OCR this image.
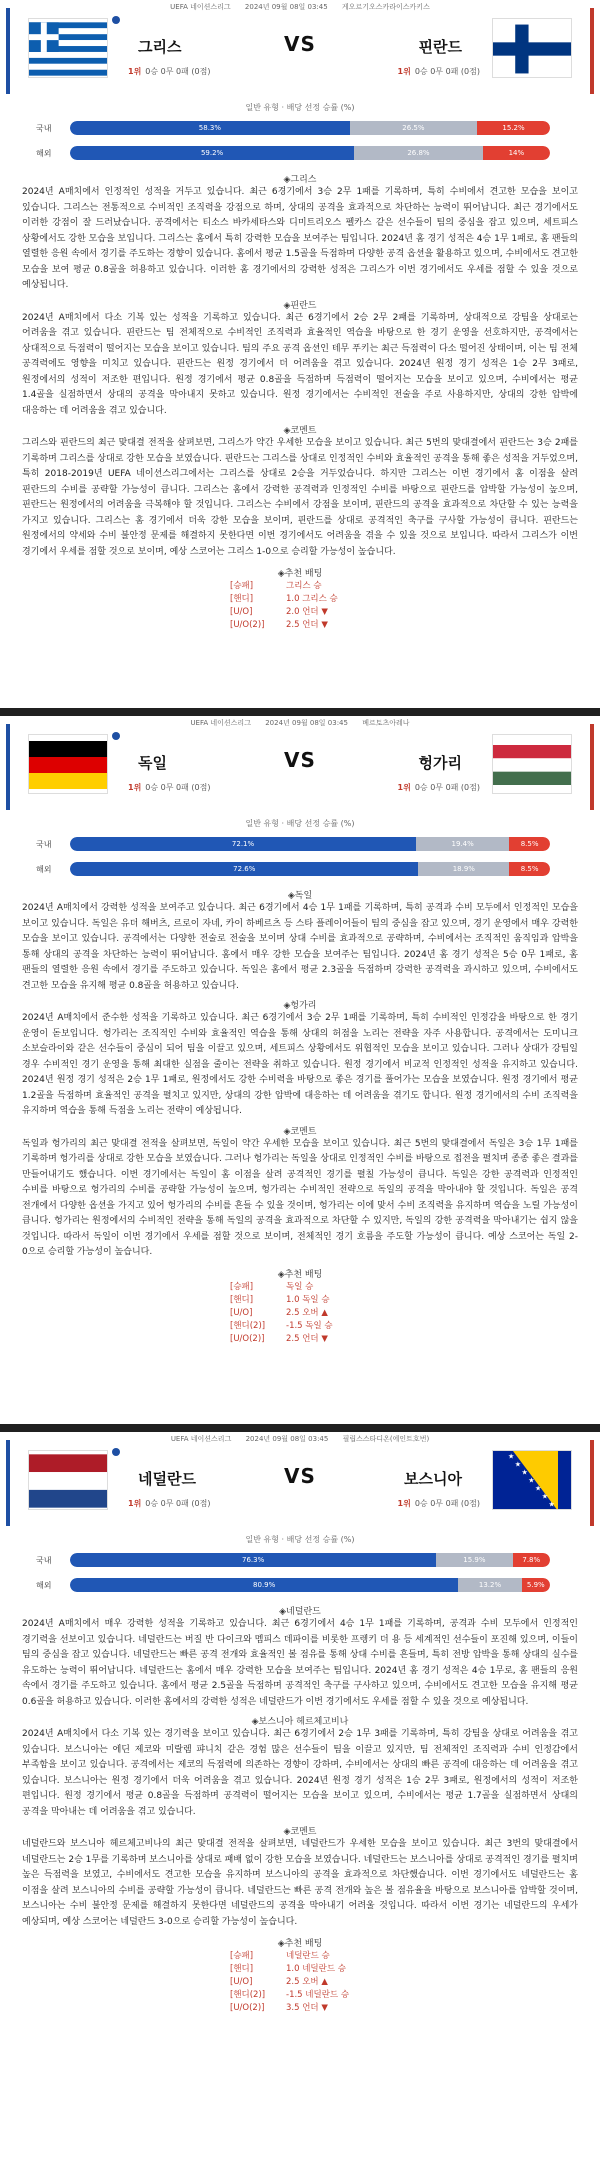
UEFA 네이션스리그 2024년 09월 08일 03:45 게오르기오스카라이스카키스
그리스	VS	핀란드
1위 0승 0무 0패 (0점)	1위 0승 0무 0패 (0점)
일반 유형 · 배당 선정 승률 (%)
국내	58.3%	26.5%	15.2%
해외	59.2%	26.8%	14%
◈그리스
2024년 A매치에서 인정적인 성적을 거두고 있습니다. 최근 6경기에서 3승 2무 1패를 기록하며, 특히 수비에서 견고한 모습을 보이고 있습니다. 그리스는 전통적으로 수비적인 조직력을 강점으로 하며, 상대의 공격을 효과적으로 차단하는 능력이 뛰어납니다. 최근 경기에서도 이러한 강점이 잘 드러났습니다. 공격에서는 티소스 바카세타스와 디미트리오스 펠카스 같은 선수들이 팀의 중심을 잡고 있으며, 세트피스 상황에서도 강한 모습을 보입니다. 그리스는 홈에서 특히 강력한 모습을 보여주는 팀입니다. 2024년 홈 경기 성적은 4승 1무 1패로, 홈 팬들의 열렬한 응원 속에서 경기를 주도하는 경향이 있습니다. 홈에서 평균 1.5골을 득점하며 다양한 공격 옵션을 활용하고 있으며, 수비에서도 견고한 모습을 보여 평균 0.8골을 허용하고 있습니다. 이러한 홈 경기에서의 강력한 성적은 그리스가 이번 경기에서도 우세를 점할 수 있을 것으로 예상됩니다.
◈핀란드
2024년 A매치에서 다소 기복 있는 성적을 기록하고 있습니다. 최근 6경기에서 2승 2무 2패를 기록하며, 상대적으로 강팀을 상대로는 어려움을 겪고 있습니다. 핀란드는 팀 전체적으로 수비적인 조직력과 효율적인 역습을 바탕으로 한 경기 운영을 선호하지만, 공격에서는 상대적으로 득점력이 떨어지는 모습을 보이고 있습니다. 팀의 주요 공격 옵션인 테무 푸키는 최근 득점력이 다소 떨어진 상태이며, 이는 팀 전체 공격력에도 영향을 미치고 있습니다. 핀란드는 원정 경기에서 더 어려움을 겪고 있습니다. 2024년 원정 경기 성적은 1승 2무 3패로, 원정에서의 성적이 저조한 편입니다. 원정 경기에서 평균 0.8골을 득점하며 득점력이 떨어지는 모습을 보이고 있으며, 수비에서는 평균 1.4골을 실점하면서 상대의 공격을 막아내지 못하고 있습니다. 원정 경기에서는 수비적인 전술을 주로 사용하지만, 상대의 강한 압박에 대응하는 데 어려움을 겪고 있습니다.
◈코멘트
그리스와 핀란드의 최근 맞대결 전적을 살펴보면, 그리스가 약간 우세한 모습을 보이고 있습니다. 최근 5번의 맞대결에서 핀란드는 3승 2패를 기록하며 그리스를 상대로 강한 모습을 보였습니다. 핀란드는 그리스를 상대로 인정적인 수비와 효율적인 공격을 통해 좋은 성적을 거두었으며, 특히 2018-2019년 UEFA 네이션스리그에서는 그리스를 상대로 2승을 거두었습니다. 하지만 그리스는 이번 경기에서 홈 이점을 살려 핀란드의 수비를 공략할 가능성이 큽니다. 그리스는 홈에서 강력한 공격력과 인정적인 수비를 바탕으로 핀란드를 압박할 가능성이 높으며, 핀란드는 원정에서의 어려움을 극복해야 할 것입니다. 그리스는 수비에서 강점을 보이며, 핀란드의 공격을 효과적으로 차단할 수 있는 능력을 가지고 있습니다. 그리스는 홈 경기에서 더욱 강한 모습을 보이며, 핀란드를 상대로 공격적인 축구를 구사할 가능성이 큽니다. 핀란드는 원정에서의 약세와 수비 불안정 문제를 해결하지 못한다면 이번 경기에서도 어려움을 겪을 수 있을 것으로 보입니다. 따라서 그리스가 이번 경기에서 우세를 점할 것으로 보이며, 예상 스코어는 그리스 1-0으로 승리할 가능성이 높습니다.
◈추천 배팅
[승패]	그리스 승
[핸디]	1.0 그리스 승
[U/O]	2.0 언더 ▼
[U/O(2)]	2.5 언더 ▼
UEFA 네이션스리그 2024년 09월 08일 03:45 베르토츠아레나
독일	VS	헝가리
1위 0승 0무 0패 (0점)	1위 0승 0무 0패 (0점)
일반 유형 · 배당 선정 승률 (%)
국내	72.1%	19.4%	8.5%
해외	72.6%	18.9%	8.5%
◈독일
2024년 A매치에서 강력한 성적을 보여주고 있습니다. 최근 6경기에서 4승 1무 1패를 기록하며, 특히 공격과 수비 모두에서 인정적인 모습을 보이고 있습니다. 독일은 유더 해버츠, 르로이 자네, 카이 하베르츠 등 스타 플레이어들이 팀의 중심을 잡고 있으며, 경기 운영에서 매우 강력한 모습을 보이고 있습니다. 공격에서는 다양한 전술로 전술을 보이며 상대 수비를 효과적으로 공략하며, 수비에서는 조직적인 움직임과 압박을 통해 상대의 공격을 차단하는 능력이 뛰어납니다. 홈에서 매우 강한 모습을 보여주는 팀입니다. 2024년 홈 경기 성적은 5승 0무 1패로, 홈 팬들의 열렬한 응원 속에서 경기를 주도하고 있습니다. 독일은 홈에서 평균 2.3골을 득점하며 강력한 공격력을 과시하고 있으며, 수비에서도 견고한 모습을 유지해 평균 0.8골을 허용하고 있습니다.
◈헝가리
2024년 A매치에서 준수한 성적을 기록하고 있습니다. 최근 6경기에서 3승 2무 1패를 기록하며, 특히 수비적인 인정감을 바탕으로 한 경기 운영이 돋보입니다. 헝가리는 조직적인 수비와 효율적인 역습을 통해 상대의 허점을 노리는 전략을 자주 사용합니다. 공격에서는 도미니크 소보슬라이와 같은 선수들이 중심이 되어 팀을 이끌고 있으며, 세트피스 상황에서도 위협적인 모습을 보이고 있습니다. 그러나 상대가 강팀일 경우 수비적인 경기 운영을 통해 최대한 실점을 줄이는 전략을 취하고 있습니다. 원정 경기에서 비교적 인정적인 성적을 유지하고 있습니다. 2024년 원정 경기 성적은 2승 1무 1패로, 원정에서도 강한 수비력을 바탕으로 좋은 경기를 풀어가는 모습을 보였습니다. 원정 경기에서 평균 1.2골을 득점하며 효율적인 공격을 펼치고 있지만, 상대의 강한 압박에 대응하는 데 어려움을 겪기도 합니다. 원정 경기에서의 수비 조직력을 유지하며 역습을 통해 득점을 노리는 전략이 예상됩니다.
◈코멘트
독일과 헝가리의 최근 맞대결 전적을 살펴보면, 독일이 약간 우세한 모습을 보이고 있습니다. 최근 5번의 맞대결에서 독일은 3승 1무 1패를 기록하며 헝가리를 상대로 강한 모습을 보였습니다. 그러나 헝가리는 독일을 상대로 인정적인 수비를 바탕으로 접전을 펼치며 종종 좋은 결과를 만들어내기도 했습니다. 이번 경기에서는 독일이 홈 이점을 살려 공격적인 경기를 펼칠 가능성이 큽니다. 독일은 강한 공격력과 인정적인 수비를 바탕으로 헝가리의 수비를 공략할 가능성이 높으며, 헝가리는 수비적인 전략으로 독일의 공격을 막아내야 할 것입니다. 독일은 공격 전개에서 다양한 옵션을 가지고 있어 헝가리의 수비를 흔들 수 있을 것이며, 헝가리는 이에 맞서 수비 조직력을 유지하며 역습을 노릴 가능성이 큽니다. 헝가리는 원정에서의 수비적인 전략을 통해 독일의 공격을 효과적으로 차단할 수 있지만, 독일의 강한 공격력을 막아내기는 쉽지 않을 것입니다. 따라서 독일이 이번 경기에서 우세를 점할 것으로 보이며, 전체적인 경기 흐름을 주도할 가능성이 큽니다. 예상 스코어는 독일 2-0으로 승리할 가능성이 높습니다.
◈추천 배팅
[승패]	독일 승
[핸디]	1.0 독일 승
[U/O]	2.5 오버 ▲
[핸디(2)] -1.5 독일 승
[U/O(2)]	2.5 언더 ▼
UEFA 네이션스리그 2024년 09월 08일 03:45 필립스스타디온(에인트호번)
네덜란드	VS	보스니아
★
★
★
★
★
★
★
1위 0승 0무 0패 (0점)	1위 0승 0무 0패 (0점)
일반 유형 · 배당 선정 승률 (%)
국내	76.3%	15.9%	7.8%
해외	80.9%	13.2%	5.9%
◈네덜란드
2024년 A매치에서 매우 강력한 성적을 기록하고 있습니다. 최근 6경기에서 4승 1무 1패를 기록하며, 공격과 수비 모두에서 인정적인 경기력을 선보이고 있습니다. 네덜란드는 버질 반 다이크와 멤피스 데파이를 비롯한 프렝키 더 용 등 세계적인 선수들이 포진해 있으며, 이들이 팀의 중심을 잡고 있습니다. 네덜란드는 빠른 공격 전개와 효율적인 볼 점유를 통해 상대 수비를 흔들며, 특히 전방 압박을 통해 상대의 실수를 유도하는 능력이 뛰어납니다. 네덜란드는 홈에서 매우 강력한 모습을 보여주는 팀입니다. 2024년 홈 경기 성적은 4승 1무로, 홈 팬들의 응원 속에서 경기를 주도하고 있습니다. 홈에서 평균 2.5골을 득점하며 공격적인 축구를 구사하고 있으며, 수비에서도 견고한 모습을 유지해 평균 0.6골을 허용하고 있습니다. 이러한 홈에서의 강력한 성적은 네덜란드가 이번 경기에서도 우세를 점할 수 있을 것으로 예상됩니다.
◈보스니아 헤르체고비나
2024년 A매치에서 다소 기복 있는 경기력을 보이고 있습니다. 최근 6경기에서 2승 1무 3패를 기록하며, 특히 강팀을 상대로 어려움을 겪고 있습니다. 보스니아는 에딘 제코와 미랄렘 퍄니치 같은 경험 많은 선수들이 팀을 이끌고 있지만, 팀 전체적인 조직력과 수비 인정감에서 부족함을 보이고 있습니다. 공격에서는 제코의 득점력에 의존하는 경향이 강하며, 수비에서는 상대의 빠른 공격에 대응하는 데 어려움을 겪고 있습니다. 보스니아는 원정 경기에서 더욱 어려움을 겪고 있습니다. 2024년 원정 경기 성적은 1승 2무 3패로, 원정에서의 성적이 저조한 편입니다. 원정 경기에서 평균 0.8골을 득점하며 공격력이 떨어지는 모습을 보이고 있으며, 수비에서는 평균 1.7골을 실점하면서 상대의 공격을 막아내는 데 어려움을 겪고 있습니다.
◈코멘트
네덜란드와 보스니아 헤르체고비나의 최근 맞대결 전적을 살펴보면, 네덜란드가 우세한 모습을 보이고 있습니다. 최근 3번의 맞대결에서 네덜란드는 2승 1무를 기록하며 보스니아를 상대로 패배 없이 강한 모습을 보였습니다. 네덜란드는 보스니아를 상대로 공격적인 경기를 펼치며 높은 득점력을 보였고, 수비에서도 견고한 모습을 유지하며 보스니아의 공격을 효과적으로 차단했습니다. 이번 경기에서도 네덜란드는 홈 이점을 살려 보스니아의 수비를 공략할 가능성이 큽니다. 네덜란드는 빠른 공격 전개와 높은 볼 점유율을 바탕으로 보스니아를 압박할 것이며, 보스니아는 수비 불안정 문제를 해결하지 못한다면 네덜란드의 공격을 막아내기 어려울 것입니다. 따라서 이번 경기는 네덜란드의 우세가 예상되며, 예상 스코어는 네덜란드 3-0으로 승리할 가능성이 높습니다.
◈추천 배팅
[승패]	네덜란드 승
[핸디]	1.0 네덜란드 승
[U/O]	2.5 오버 ▲
[핸디(2)] -1.5 네덜란드 승
[U/O(2)]	3.5 언더 ▼
